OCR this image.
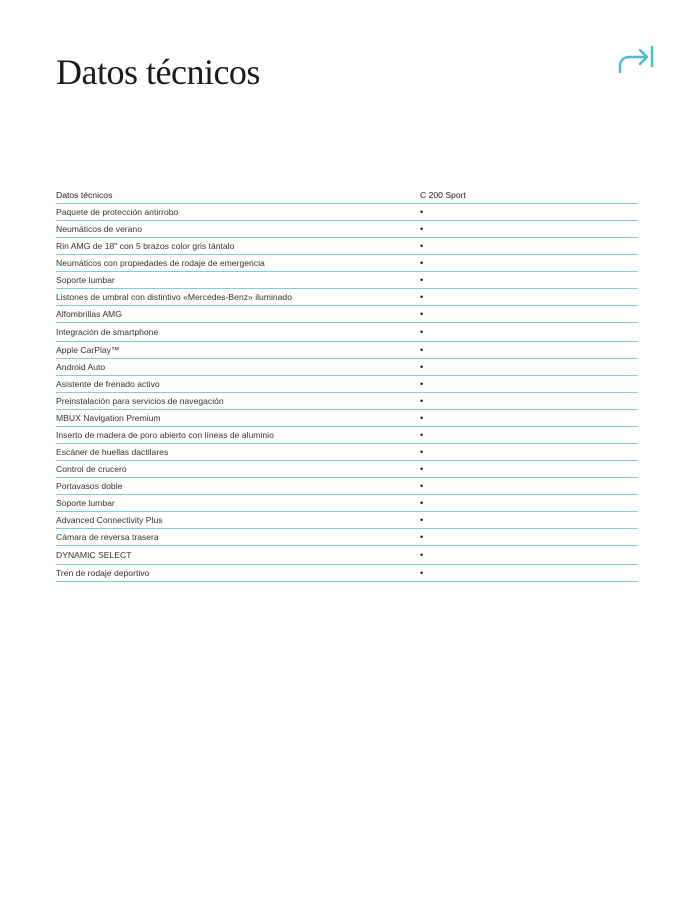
Datos técnicos
Datos técnicos	C 200 Sport
Paquete de protección antirrobo	•
Neumáticos de verano	•
Rin AMG de 18" con 5 brazos color gris tántalo	•
Neumáticos con propiedades de rodaje de emergencia	•
Soporte lumbar	•
Listones de umbral con distintivo «Mercedes-Benz» iluminado	•
Alfombrillas AMG	•
Integración de smartphone	•
Apple CarPlay™	•
Android Auto	•
Asistente de frenado activo	•
Preinstalación para servicios de navegación	•
MBUX Navigation Premium	•
Inserto de madera de poro abierto con líneas de aluminio	•
Escáner de huellas dactilares	•
Control de crucero	•
Portavasos doble	•
Soporte lumbar	•
Advanced Connectivity Plus	•
Cámara de reversa trasera	•
DYNAMIC SELECT	•
Tren de rodaje deportivo	•
